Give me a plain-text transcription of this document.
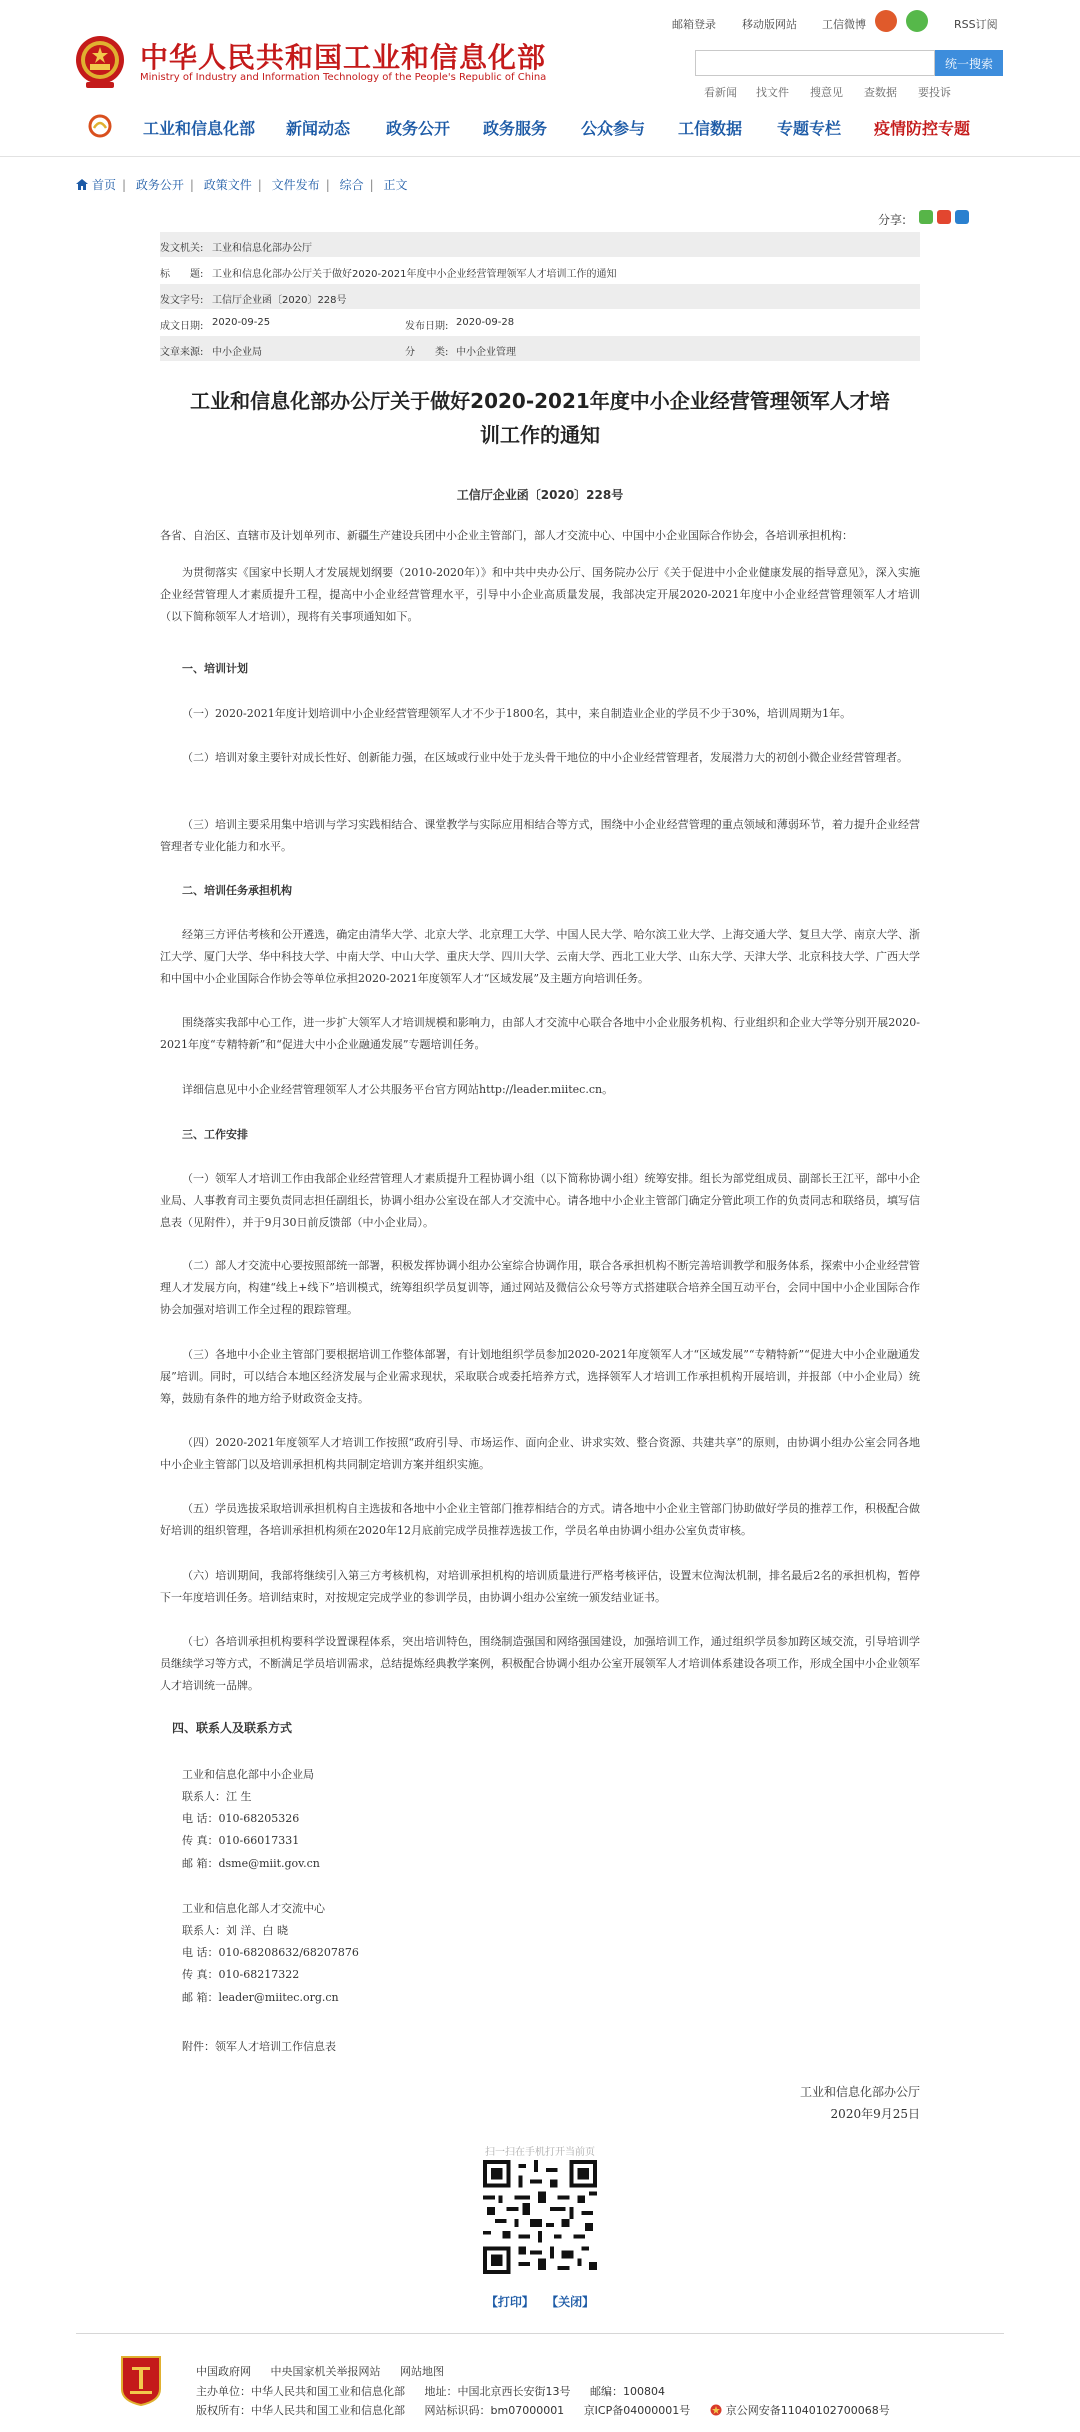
中华人民共和国工业和信息化部
Ministry of Industry and Information Technology of the People's Republic of China
邮箱登录 移动版网站 工信微博	RSS订阅
统一搜索
看新闻 找文件 搜意见 查数据 要投诉
工业和信息化部 新闻动态 政务公开 政务服务 公众参与 工信数据 专题专栏 疫情防控专题
首页 | 政务公开 | 政策文件 | 文件发布 | 综合 | 正文
分享:
发文机关: 工业和信息化部办公厅
标　　题: 工业和信息化部办公厅关于做好2020-2021年度中小企业经营管理领军人才培训工作的通知
发文字号: 工信厅企业函〔2020〕228号
成文日期: 2020-09-25	发布日期: 2020-09-28
文章来源: 中小企业局	分　　类: 中小企业管理
工业和信息化部办公厅关于做好2020-2021年度中小企业经营管理领军人才培
训工作的通知
工信厅企业函〔2020〕228号

各省、自治区、直辖市及计划单列市、新疆生产建设兵团中小企业主管部门，部人才交流中心、中国中小企业国际合作协会，各培训承担机构：

为贯彻落实《国家中长期人才发展规划纲要（2010-2020年）》和中共中央办公厅、国务院办公厅《关于促进中小企业健康发展的指导意见》，深入实施企业经营管理人才素质提升工程，提高中小企业经营管理水平，引导中小企业高质量发展，我部决定开展2020-2021年度中小企业经营管理领军人才培训（以下简称领军人才培训），现将有关事项通知如下。

一、培训计划

（一）2020-2021年度计划培训中小企业经营管理领军人才不少于1800名，其中，来自制造业企业的学员不少于30%，培训周期为1年。

（二）培训对象主要针对成长性好、创新能力强，在区域或行业中处于龙头骨干地位的中小企业经营管理者，发展潜力大的初创小微企业经营管理者。

（三）培训主要采用集中培训与学习实践相结合、课堂教学与实际应用相结合等方式，围绕中小企业经营管理的重点领域和薄弱环节，着力提升企业经营管理者专业化能力和水平。

二、培训任务承担机构

经第三方评估考核和公开遴选，确定由清华大学、北京大学、北京理工大学、中国人民大学、哈尔滨工业大学、上海交通大学、复旦大学、南京大学、浙江大学、厦门大学、华中科技大学、中南大学、中山大学、重庆大学、四川大学、云南大学、西北工业大学、山东大学、天津大学、北京科技大学、广西大学和中国中小企业国际合作协会等单位承担2020-2021年度领军人才“区域发展”及主题方向培训任务。

围绕落实我部中心工作，进一步扩大领军人才培训规模和影响力，由部人才交流中心联合各地中小企业服务机构、行业组织和企业大学等分别开展2020-2021年度“专精特新”和“促进大中小企业融通发展”专题培训任务。

详细信息见中小企业经营管理领军人才公共服务平台官方网站http://leader.miitec.cn。

三、工作安排

（一）领军人才培训工作由我部企业经营管理人才素质提升工程协调小组（以下简称协调小组）统筹安排。组长为部党组成员、副部长王江平，部中小企业局、人事教育司主要负责同志担任副组长，协调小组办公室设在部人才交流中心。请各地中小企业主管部门确定分管此项工作的负责同志和联络员，填写信息表（见附件），并于9月30日前反馈部（中小企业局）。

（二）部人才交流中心要按照部统一部署，积极发挥协调小组办公室综合协调作用，联合各承担机构不断完善培训教学和服务体系，探索中小企业经营管理人才发展方向，构建“线上+线下”培训模式，统筹组织学员复训等，通过网站及微信公众号等方式搭建联合培养全国互动平台，会同中国中小企业国际合作协会加强对培训工作全过程的跟踪管理。

（三）各地中小企业主管部门要根据培训工作整体部署，有计划地组织学员参加2020-2021年度领军人才“区域发展”“专精特新”“促进大中小企业融通发展”培训。同时，可以结合本地区经济发展与企业需求现状，采取联合或委托培养方式，选择领军人才培训工作承担机构开展培训，并报部（中小企业局）统筹，鼓励有条件的地方给予财政资金支持。

（四）2020-2021年度领军人才培训工作按照“政府引导、市场运作、面向企业、讲求实效、整合资源、共建共享”的原则，由协调小组办公室会同各地中小企业主管部门以及培训承担机构共同制定培训方案并组织实施。

（五）学员选拔采取培训承担机构自主选拔和各地中小企业主管部门推荐相结合的方式。请各地中小企业主管部门协助做好学员的推荐工作，积极配合做好培训的组织管理，各培训承担机构须在2020年12月底前完成学员推荐选拔工作，学员名单由协调小组办公室负责审核。

（六）培训期间，我部将继续引入第三方考核机构，对培训承担机构的培训质量进行严格考核评估，设置末位淘汰机制，排名最后2名的承担机构，暂停下一年度培训任务。培训结束时，对按规定完成学业的参训学员，由协调小组办公室统一颁发结业证书。

（七）各培训承担机构要科学设置课程体系，突出培训特色，围绕制造强国和网络强国建设，加强培训工作，通过组织学员参加跨区域交流，引导培训学员继续学习等方式，不断满足学员培训需求，总结提炼经典教学案例，积极配合协调小组办公室开展领军人才培训体系建设各项工作，形成全国中小企业领军人才培训统一品牌。

四、联系人及联系方式

工业和信息化部中小企业局
联系人：江 生
电 话：010-68205326
传 真：010-66017331
邮 箱：dsme@miit.gov.cn
工业和信息化部人才交流中心
联系人：刘 洋、白 晓
电 话：010-68208632/68207876
传 真：010-68217322
邮 箱：leader@miitec.org.cn
附件：领军人才培训工作信息表
工业和信息化部办公厅
2020年9月25日
扫一扫在手机打开当前页
【打印】 【关闭】
中国政府网 中央国家机关举报网站 网站地图
主办单位：中华人民共和国工业和信息化部 地址：中国北京西长安街13号 邮编：100804
版权所有：中华人民共和国工业和信息化部 网站标识码：bm07000001 京ICP备04000001号	京公网安备11040102700068号
